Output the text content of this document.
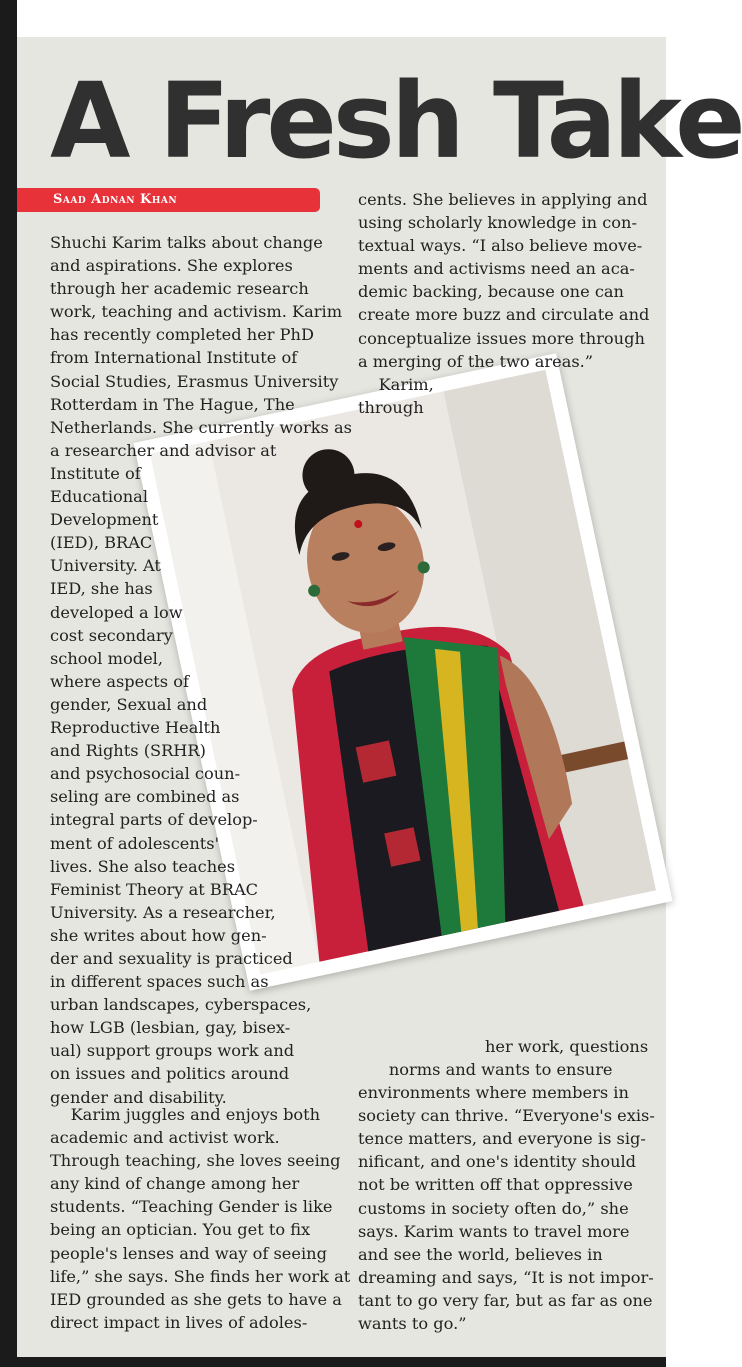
A Fresh Take
Saad Adnan Khan

Shuchi Karim talks about change

and aspirations. She explores

through her academic research

work, teaching and activism. Karim

has recently completed her PhD

from International Institute of

Social Studies, Erasmus University

Rotterdam in The Hague, The

Netherlands. She currently works as

a researcher and advisor at

Institute of

Educational

Development

(IED), BRAC

University. At

IED, she has

developed a low

cost secondary

school model,

where aspects of

gender, Sexual and

Reproductive Health

and Rights (SRHR)

and psychosocial coun-

seling are combined as

integral parts of develop-

ment of adolescents'

lives. She also teaches

Feminist Theory at BRAC

University. As a researcher,

she writes about how gen-

der and sexuality is practiced

in different spaces such as

urban landscapes, cyberspaces,

how LGB (lesbian, gay, bisex-

ual) support groups work and

on issues and politics around

gender and disability.

Karim juggles and enjoys both

academic and activist work.

Through teaching, she loves seeing

any kind of change among her

students. “Teaching Gender is like

being an optician. You get to fix

people's lenses and way of seeing

life,” she says. She finds her work at

IED grounded as she gets to have a

direct impact in lives of adoles-

cents. She believes in applying and

using scholarly knowledge in con-

textual ways. “I also believe move-

ments and activisms need an aca-

demic backing, because one can

create more buzz and circulate and

conceptualize issues more through

a merging of the two areas.”

Karim,

through

her work, questions

norms and wants to ensure

environments where members in

society can thrive. “Everyone's exis-

tence matters, and everyone is sig-

nificant, and one's identity should

not be written off that oppressive

customs in society often do,” she

says. Karim wants to travel more

and see the world, believes in

dreaming and says, “It is not impor-

tant to go very far, but as far as one

wants to go.”
